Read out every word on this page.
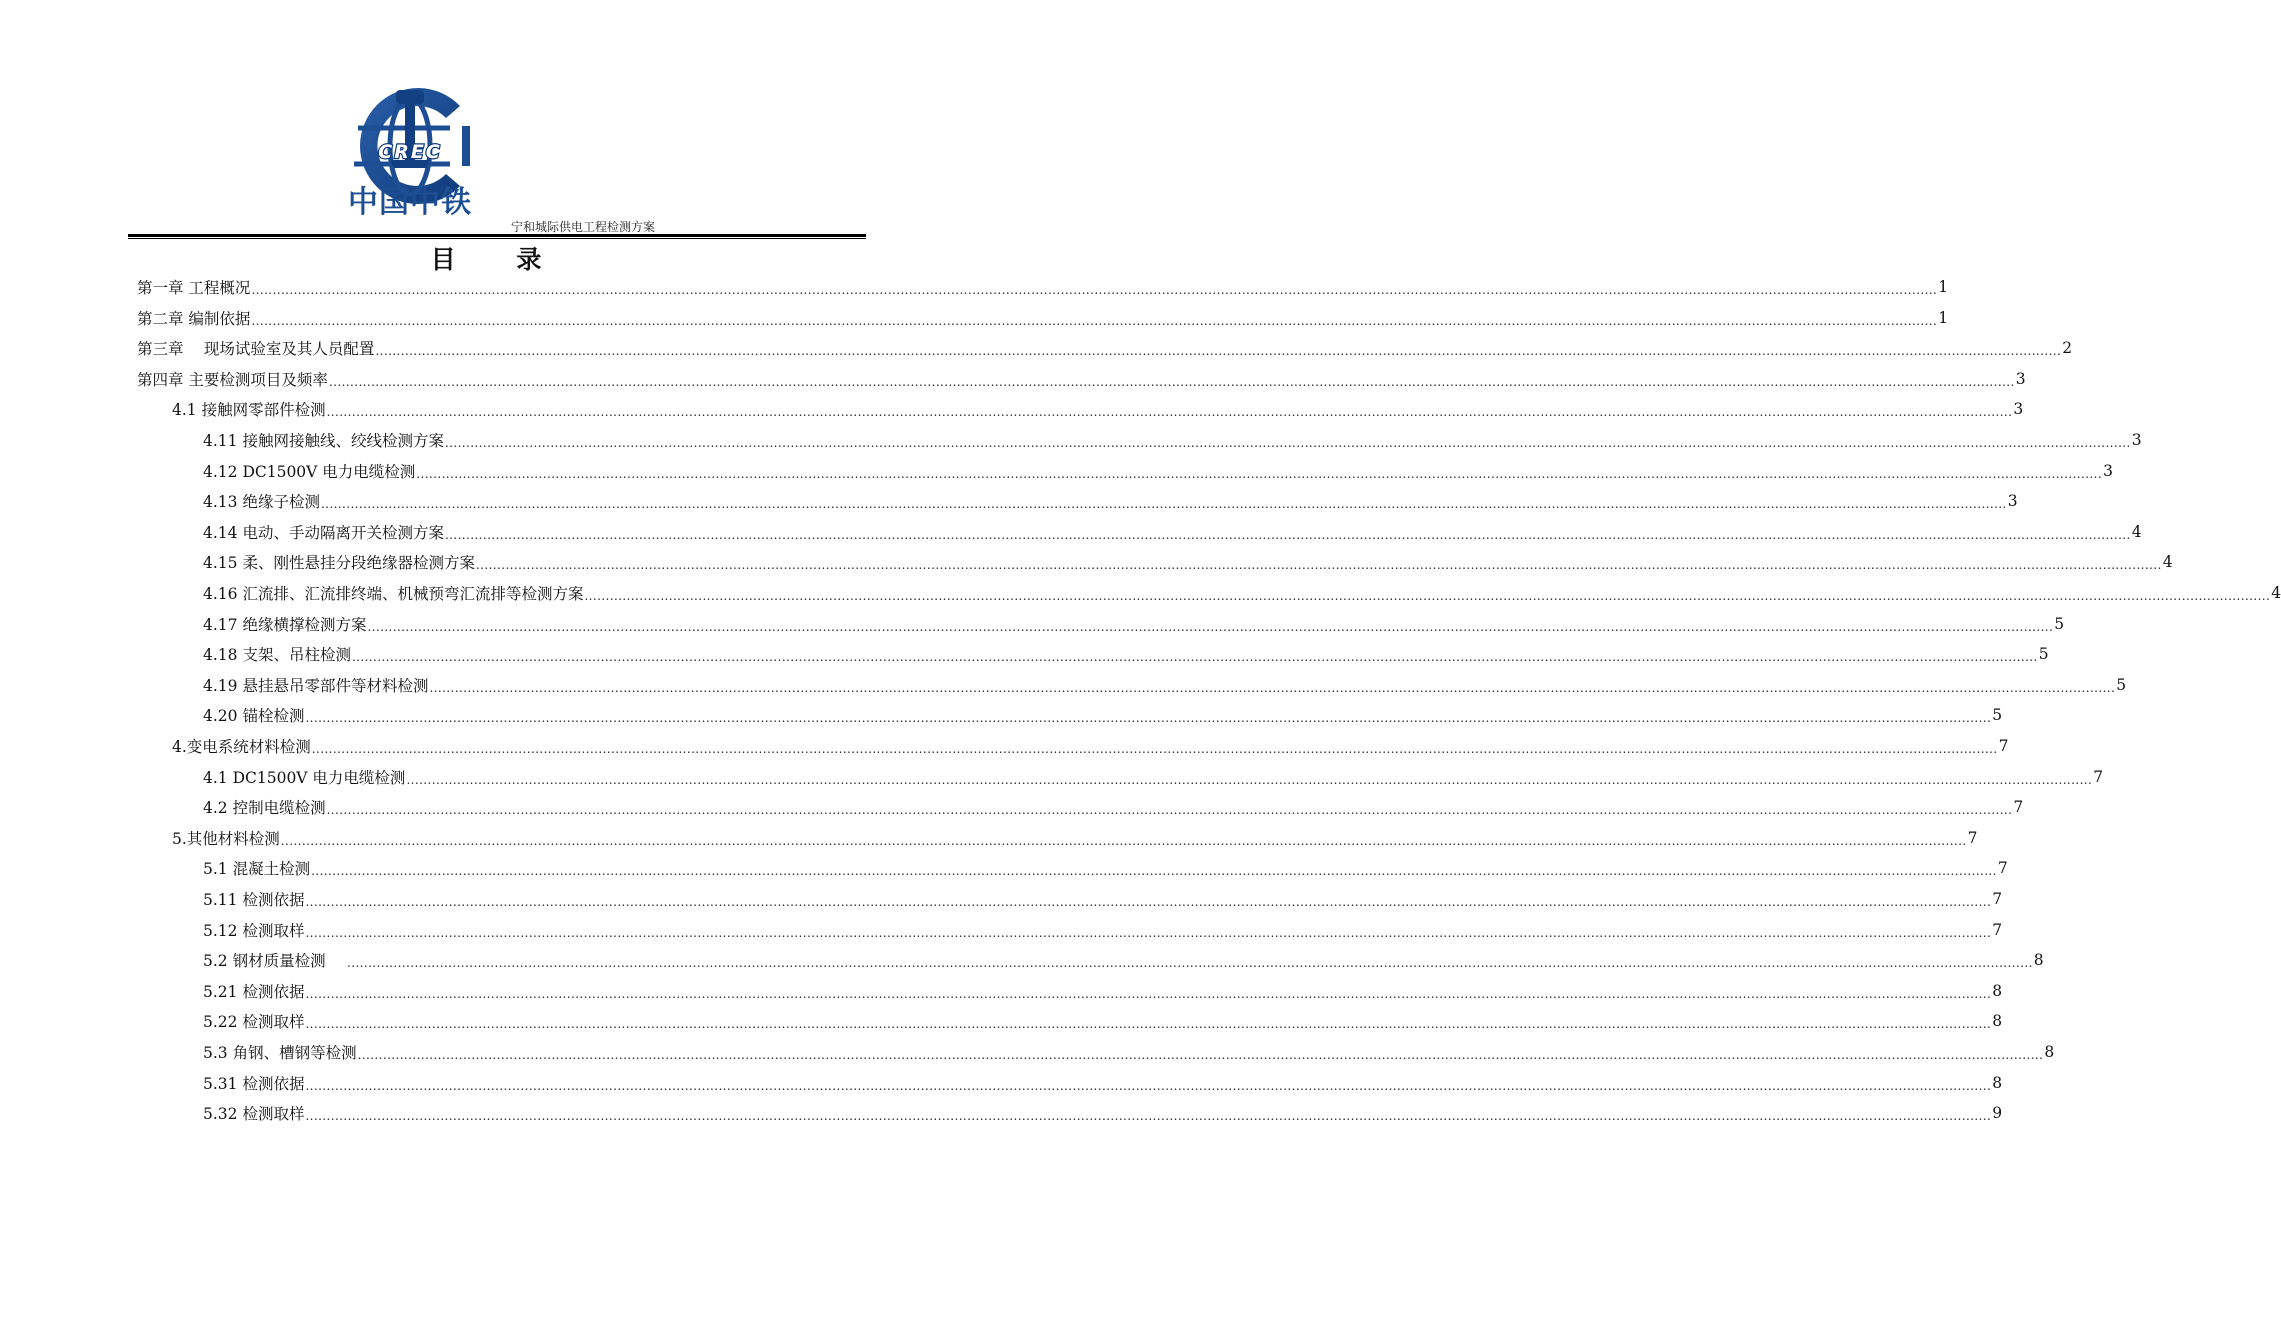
CREC
中国中铁
宁和城际供电工程检测方案
目 录
第一章 工程概况 ................................................................................................................................................................................................................................................................................................................................................................................................................ 1
第二章 编制依据 ................................................................................................................................................................................................................................................................................................................................................................................................................ 1
第三章 　现场试验室及其人员配置 ................................................................................................................................................................................................................................................................................................................................................................................................................ 2
第四章 主要检测项目及频率 ................................................................................................................................................................................................................................................................................................................................................................................................................ 3
4.1 接触网零部件检测 ................................................................................................................................................................................................................................................................................................................................................................................................................ 3
4.11 接触网接触线、绞线检测方案 ................................................................................................................................................................................................................................................................................................................................................................................................................ 3
4.12 DC1500V 电力电缆检测 ................................................................................................................................................................................................................................................................................................................................................................................................................ 3
4.13 绝缘子检测 ................................................................................................................................................................................................................................................................................................................................................................................................................ 3
4.14 电动、手动隔离开关检测方案 ................................................................................................................................................................................................................................................................................................................................................................................................................ 4
4.15 柔、刚性悬挂分段绝缘器检测方案 ................................................................................................................................................................................................................................................................................................................................................................................................................ 4
4.16 汇流排、汇流排终端、机械预弯汇流排等检测方案 ................................................................................................................................................................................................................................................................................................................................................................................................................ 4
4.17 绝缘横撑检测方案 ................................................................................................................................................................................................................................................................................................................................................................................................................ 5
4.18 支架、吊柱检测 ................................................................................................................................................................................................................................................................................................................................................................................................................ 5
4.19 悬挂悬吊零部件等材料检测 ................................................................................................................................................................................................................................................................................................................................................................................................................ 5
4.20 锚栓检测 ................................................................................................................................................................................................................................................................................................................................................................................................................ 5
4.变电系统材料检测 ................................................................................................................................................................................................................................................................................................................................................................................................................ 7
4.1 DC1500V 电力电缆检测 ................................................................................................................................................................................................................................................................................................................................................................................................................ 7
4.2 控制电缆检测 ................................................................................................................................................................................................................................................................................................................................................................................................................ 7
5.其他材料检测 ................................................................................................................................................................................................................................................................................................................................................................................................................ 7
5.1 混凝土检测 ................................................................................................................................................................................................................................................................................................................................................................................................................ 7
5.11 检测依据 ................................................................................................................................................................................................................................................................................................................................................................................................................ 7
5.12 检测取样 ................................................................................................................................................................................................................................................................................................................................................................................................................ 7
5.2 钢材质量检测 　 ................................................................................................................................................................................................................................................................................................................................................................................................................ 8
5.21 检测依据 ................................................................................................................................................................................................................................................................................................................................................................................................................ 8
5.22 检测取样 ................................................................................................................................................................................................................................................................................................................................................................................................................ 8
5.3 角钢、槽钢等检测 ................................................................................................................................................................................................................................................................................................................................................................................................................ 8
5.31 检测依据 ................................................................................................................................................................................................................................................................................................................................................................................................................ 8
5.32 检测取样 ................................................................................................................................................................................................................................................................................................................................................................................................................ 9
